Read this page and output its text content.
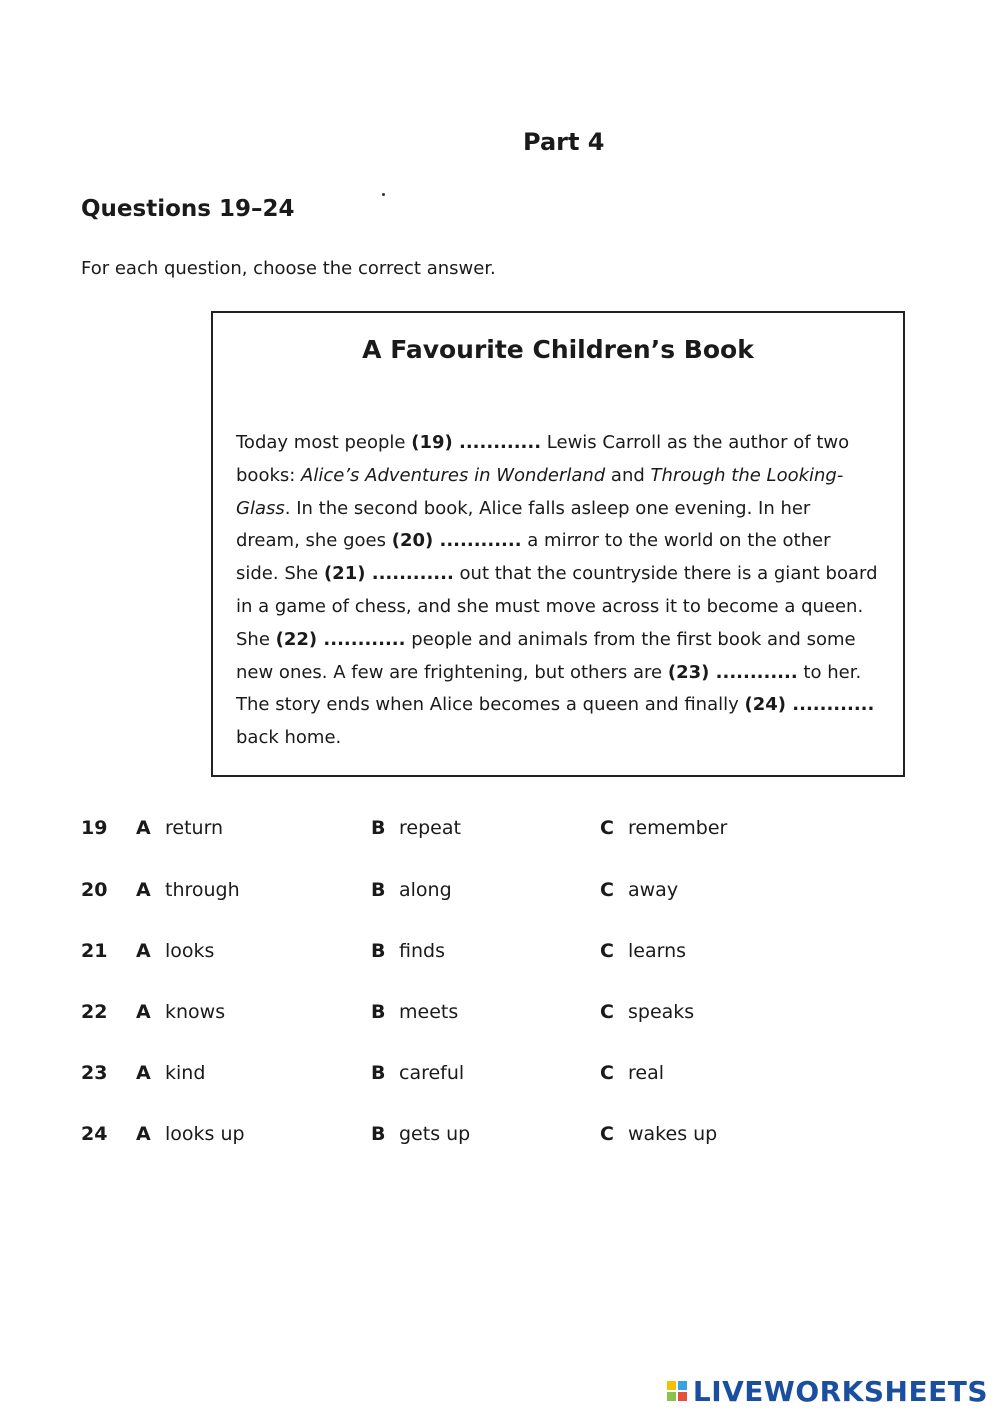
Part 4
Questions 19–24
For each question, choose the correct answer.
A Favourite Children’s Book
Today most people (19) ............ Lewis Carroll as the author of two
books: Alice’s Adventures in Wonderland and Through the Looking-
Glass. In the second book, Alice falls asleep one evening. In her
dream, she goes (20) ............ a mirror to the world on the other
side. She (21) ............ out that the countryside there is a giant board
in a game of chess, and she must move across it to become a queen.
She (22) ............ people and animals from the first book and some
new ones. A few are frightening, but others are (23) ............ to her.
The story ends when Alice becomes a queen and finally (24) ............
back home.
19 A return	B repeat	C remember
20 A through	B along	C away
21 A looks	B finds	C learns
22 A knows	B meets	C speaks
23 A kind	B careful	C real
24 A looks up	B gets up	C wakes up
LIVEWORKSHEETS
